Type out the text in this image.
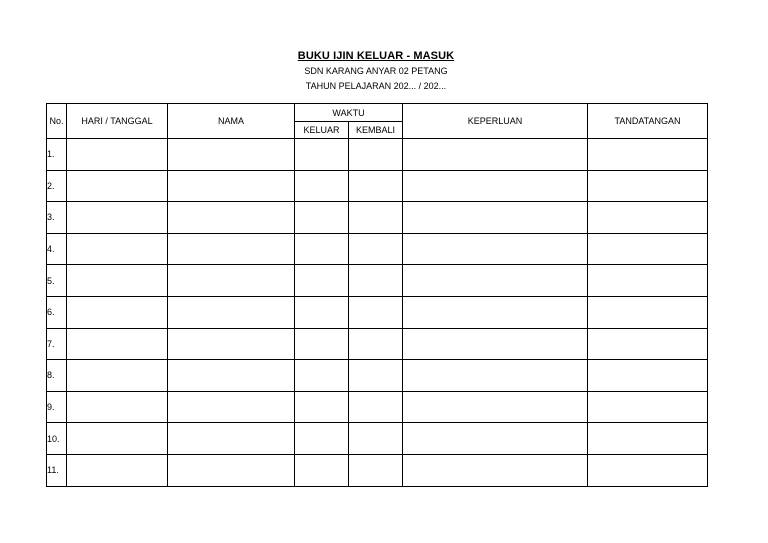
BUKU IJIN KELUAR - MASUK
SDN KARANG ANYAR 02 PETANG
TAHUN PELAJARAN 202... / 202...
No.	HARI / TANGGAL	NAMA	WAKTU		KEPERLUAN	TANDATANGAN
			KELUAR	KEMBALI		
1.						
2.						
3.						
4.						
5.						
6.						
7.						
8.						
9.						
10.						
11.						
